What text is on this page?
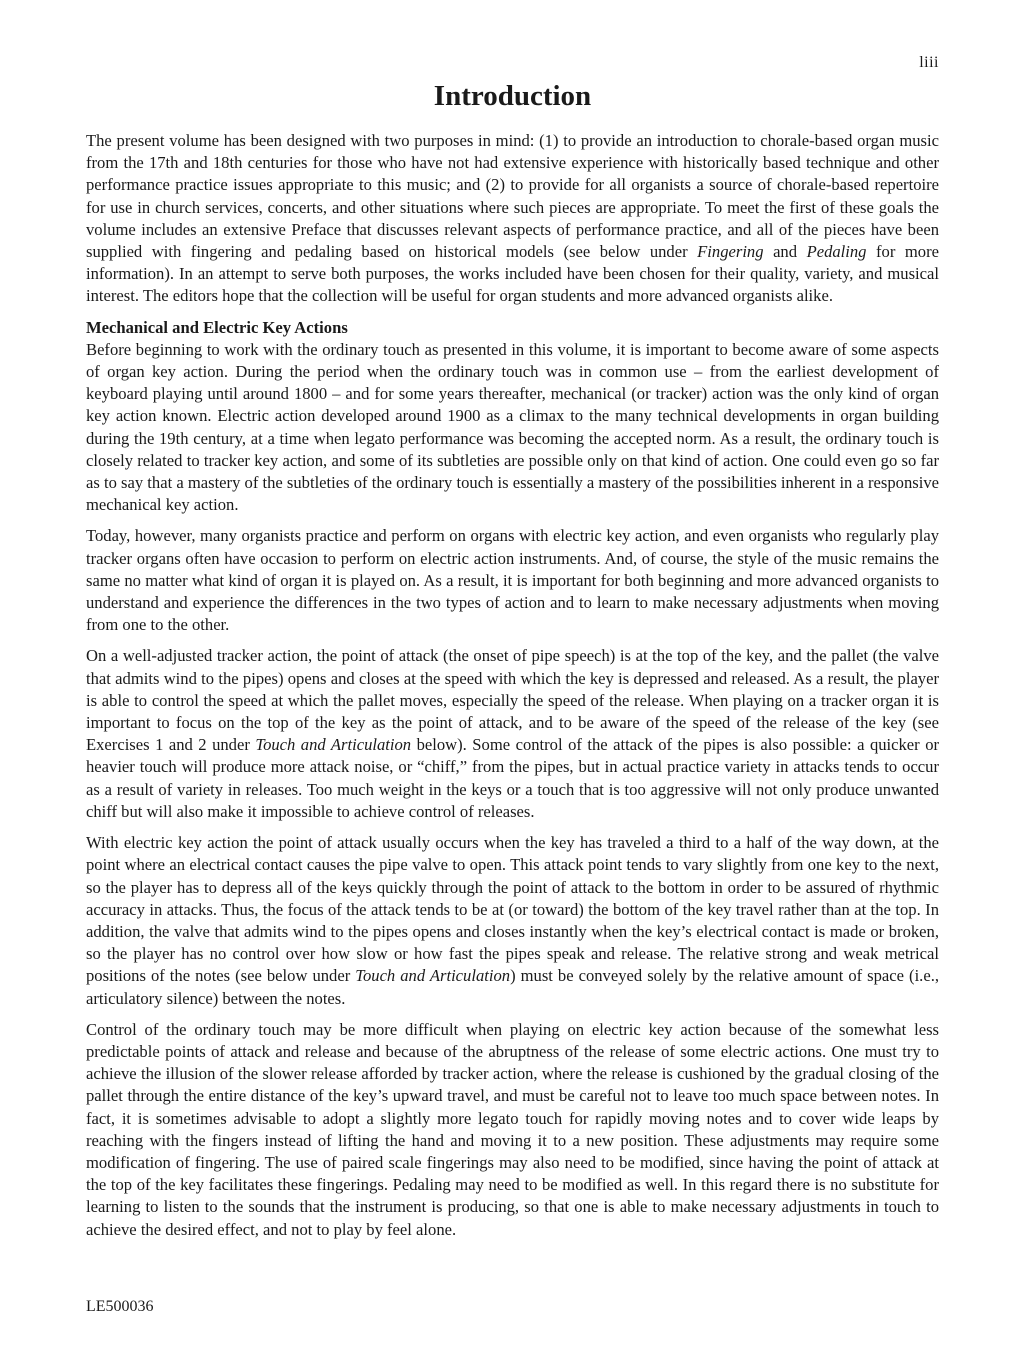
liii
Introduction

The present volume has been designed with two purposes in mind: (1) to provide an introduction to chorale-based organ music from the 17th and 18th centuries for those who have not had extensive experience with historically based technique and other performance practice issues appropriate to this music; and (2) to provide for all organists a source of chorale-based repertoire for use in church services, concerts, and other situations where such pieces are appropriate. To meet the first of these goals the volume includes an extensive Preface that discusses relevant aspects of performance practice, and all of the pieces have been supplied with fingering and pedaling based on historical models (see below under Fingering and Pedaling for more information). In an attempt to serve both purposes, the works included have been chosen for their quality, variety, and musical interest. The editors hope that the collection will be useful for organ students and more advanced organists alike.

Mechanical and Electric Key Actions

Before beginning to work with the ordinary touch as presented in this volume, it is important to become aware of some aspects of organ key action. During the period when the ordinary touch was in common use – from the earliest development of keyboard playing until around 1800 – and for some years thereafter, mechanical (or tracker) action was the only kind of organ key action known. Electric action developed around 1900 as a climax to the many technical developments in organ building during the 19th century, at a time when legato performance was becoming the accepted norm. As a result, the ordinary touch is closely related to tracker key action, and some of its subtleties are possible only on that kind of action. One could even go so far as to say that a mastery of the subtleties of the ordinary touch is essentially a mastery of the possibilities inherent in a responsive mechanical key action.

Today, however, many organists practice and perform on organs with electric key action, and even organists who regularly play tracker organs often have occasion to perform on electric action instruments. And, of course, the style of the music remains the same no matter what kind of organ it is played on. As a result, it is important for both beginning and more advanced organists to understand and experience the differences in the two types of action and to learn to make necessary adjustments when moving from one to the other.

On a well-adjusted tracker action, the point of attack (the onset of pipe speech) is at the top of the key, and the pallet (the valve that admits wind to the pipes) opens and closes at the speed with which the key is depressed and released. As a result, the player is able to control the speed at which the pallet moves, especially the speed of the release. When playing on a tracker organ it is important to focus on the top of the key as the point of attack, and to be aware of the speed of the release of the key (see Exercises 1 and 2 under Touch and Articulation below). Some control of the attack of the pipes is also possible: a quicker or heavier touch will produce more attack noise, or “chiff,” from the pipes, but in actual practice variety in attacks tends to occur as a result of variety in releases. Too much weight in the keys or a touch that is too aggressive will not only produce unwanted chiff but will also make it impossible to achieve control of releases.

With electric key action the point of attack usually occurs when the key has traveled a third to a half of the way down, at the point where an electrical contact causes the pipe valve to open. This attack point tends to vary slightly from one key to the next, so the player has to depress all of the keys quickly through the point of attack to the bottom in order to be assured of rhythmic accuracy in attacks. Thus, the focus of the attack tends to be at (or toward) the bottom of the key travel rather than at the top. In addition, the valve that admits wind to the pipes opens and closes instantly when the key’s electrical contact is made or broken, so the player has no control over how slow or how fast the pipes speak and release. The relative strong and weak metrical positions of the notes (see below under Touch and Articulation) must be conveyed solely by the relative amount of space (i.e., articulatory silence) between the notes.

Control of the ordinary touch may be more difficult when playing on electric key action because of the somewhat less predictable points of attack and release and because of the abruptness of the release of some electric actions. One must try to achieve the illusion of the slower release afforded by tracker action, where the release is cushioned by the gradual closing of the pallet through the entire distance of the key’s upward travel, and must be careful not to leave too much space between notes. In fact, it is sometimes advisable to adopt a slightly more legato touch for rapidly moving notes and to cover wide leaps by reaching with the fingers instead of lifting the hand and moving it to a new position. These adjustments may require some modification of fingering. The use of paired scale fingerings may also need to be modified, since having the point of attack at the top of the key facilitates these fingerings. Pedaling may need to be modified as well. In this regard there is no substitute for learning to listen to the sounds that the instrument is producing, so that one is able to make necessary adjustments in touch to achieve the desired effect, and not to play by feel alone.

LE500036
